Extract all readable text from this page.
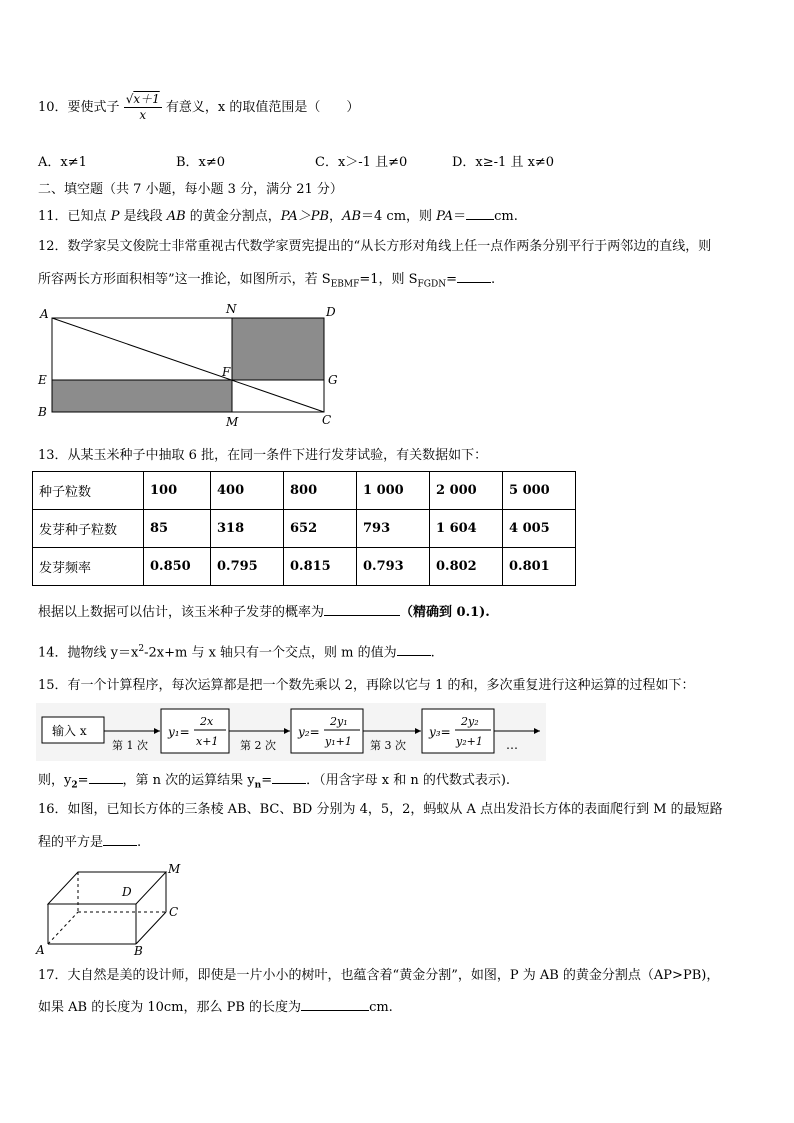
10．要使式子 $\frac{√x+1}{x}$ 有意义，x 的取值范围是（　　）
A．x≠1	B．x≠0	C．x＞-1 且≠0	D．x≥-1 且 x≠0
二、填空题（共 7 小题，每小题 3 分，满分 21 分）
11．已知点 P 是线段 AB 的黄金分割点，PA＞PB，AB＝4 cm，则 PA＝ cm.
12．数学家吴文俊院士非常重视古代数学家贾宪提出的“从长方形对角线上任一点作两条分别平行于两邻边的直线，则
所容两长方形面积相等”这一推论，如图所示，若 $S_{EBMF}=1$，则 $S_{FGDN}=$	.
A	N	D
E
F
G
B
M	C
13．从某玉米种子中抽取 6 批，在同一条件下进行发芽试验，有关数据如下：
种子粒数	100	400	800	1 000	2 000	5 000
发芽种子粒数	85	318	652	793	1 604	4 005
发芽频率	0.850	0.795	0.815	0.793	0.802	0.801
根据以上数据可以估计，该玉米种子发芽的概率为	（精确到 0.1).
14．抛物线 $y=x^2-2x+m$ 与 x 轴只有一个交点，则 m 的值为	.
15．有一个计算程序，每次运算都是把一个数先乘以 2，再除以它与 1 的和，多次重复进行这种运算的过程如下：
输入 x
第 1 次
y₁=
2x
x+1 第 2 次
y₂=
2y₁
y₁+1 第 3 次
y₃=
2y₂
y₂+1 …
则，$y_2=$	，第 n 次的运算结果 $y_n=$	．（用含字母 x 和 n 的代数式表示).
16．如图，已知长方体的三条棱 AB、BC、BD 分别为 4，5，2，蚂蚁从 A 点出发沿长方体的表面爬行到 M 的最短路
程的平方是	.
M
D
C
A	B
17．大自然是美的设计师，即使是一片小小的树叶，也蕴含着“黄金分割”，如图，P 为 AB 的黄金分割点（AP>PB)，
如果 AB 的长度为 10cm，那么 PB 的长度为	cm.
